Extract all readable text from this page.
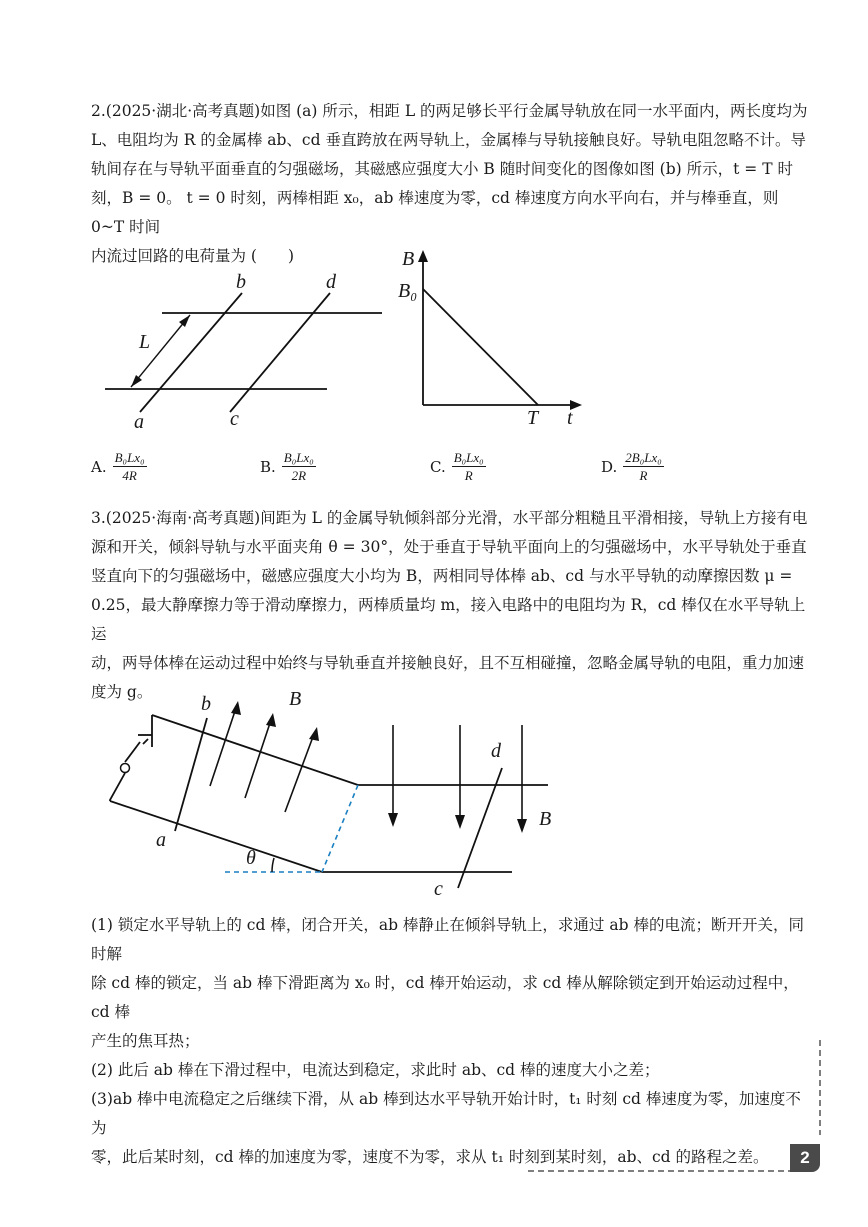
2.(2025·湖北·高考真题)如图 (a) 所示，相距 L 的两足够长平行金属导轨放在同一水平面内，两长度均为
L、电阻均为 R 的金属棒 ab、cd 垂直跨放在两导轨上，金属棒与导轨接触良好。导轨电阻忽略不计。导
轨间存在与导轨平面垂直的匀强磁场，其磁感应强度大小 B 随时间变化的图像如图 (b) 所示，t = T 时
刻，B = 0。 t = 0 时刻，两棒相距 x₀，ab 棒速度为零，cd 棒速度方向水平向右，并与棒垂直，则 0~T 时间
内流过回路的电荷量为 (　　)
b	d
L
a	c
B
B₀
T t
A. $\frac{\text{B₀Lx₀}}{4R}$	B. $\frac{\text{B₀Lx₀}}{2R}$	C. $\frac{\text{B₀Lx₀}}{R}$	D. $\frac{\text{2B₀Lx₀}}{R}$
3.(2025·海南·高考真题)间距为 L 的金属导轨倾斜部分光滑，水平部分粗糙且平滑相接，导轨上方接有电
源和开关，倾斜导轨与水平面夹角 θ = 30°，处于垂直于导轨平面向上的匀强磁场中，水平导轨处于垂直
竖直向下的匀强磁场中，磁感应强度大小均为 B，两相同导体棒 ab、cd 与水平导轨的动摩擦因数 μ =
0.25，最大静摩擦力等于滑动摩擦力，两棒质量均 m，接入电路中的电阻均为 R，cd 棒仅在水平导轨上运
动，两导体棒在运动过程中始终与导轨垂直并接触良好，且不互相碰撞，忽略金属导轨的电阻，重力加速
度为 g。
b	B
d
B
a
θ
c
(1) 锁定水平导轨上的 cd 棒，闭合开关，ab 棒静止在倾斜导轨上，求通过 ab 棒的电流；断开开关，同时解
除 cd 棒的锁定，当 ab 棒下滑距离为 x₀ 时，cd 棒开始运动，求 cd 棒从解除锁定到开始运动过程中，cd 棒
产生的焦耳热；
(2) 此后 ab 棒在下滑过程中，电流达到稳定，求此时 ab、cd 棒的速度大小之差；
(3)ab 棒中电流稳定之后继续下滑，从 ab 棒到达水平导轨开始计时，t₁ 时刻 cd 棒速度为零，加速度不为
零，此后某时刻，cd 棒的加速度为零，速度不为零，求从 t₁ 时刻到某时刻，ab、cd 的路程之差。	2
